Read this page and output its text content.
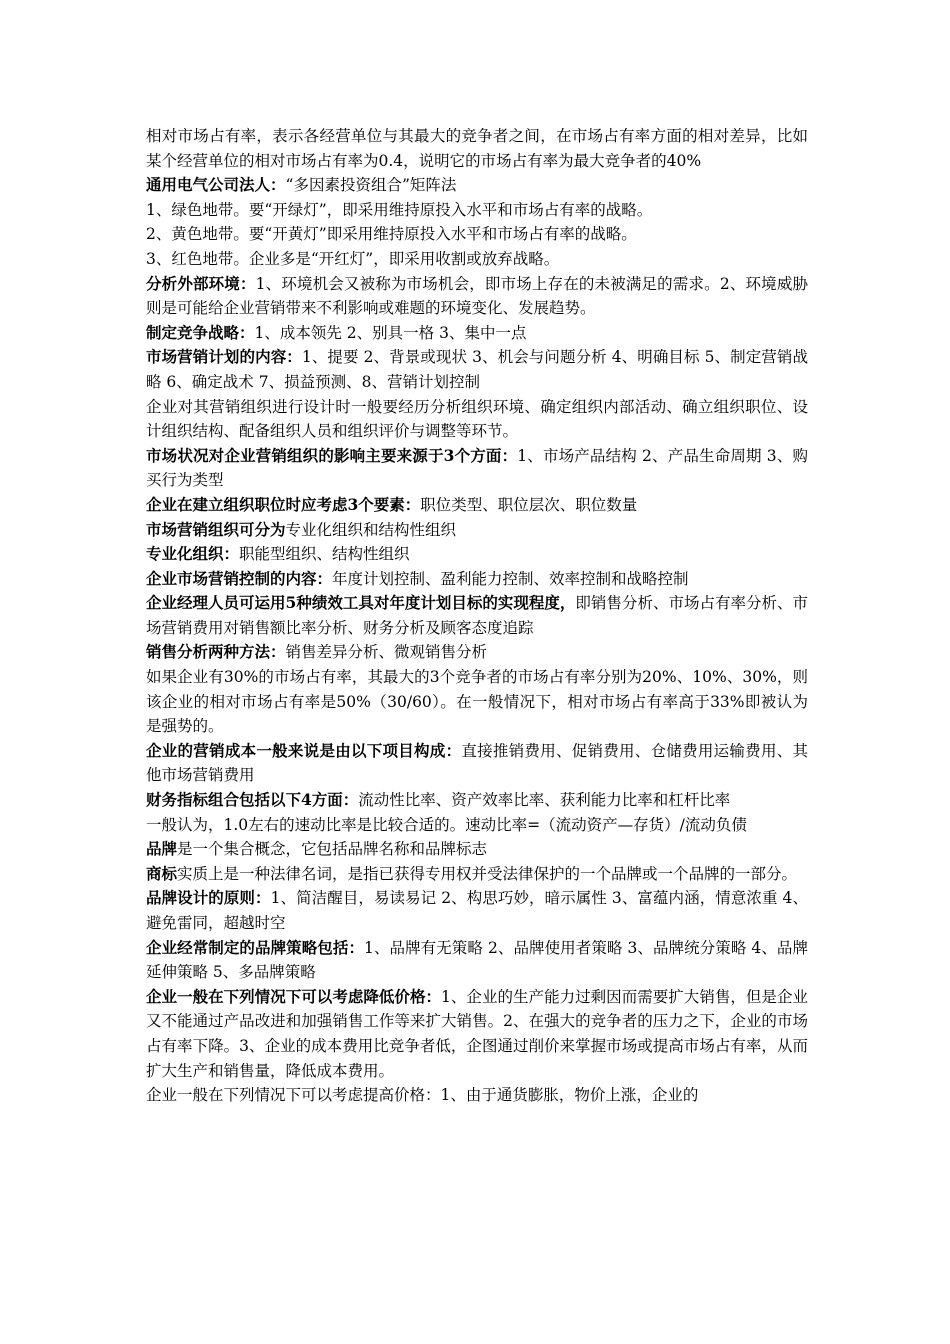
相对市场占有率，表示各经营单位与其最大的竞争者之间，在市场占有率方面的相对差异，比如某个经营单位的相对市场占有率为0.4，说明它的市场占有率为最大竞争者的40%

通用电气公司法人：“多因素投资组合”矩阵法

1、绿色地带。要“开绿灯”，即采用维持原投入水平和市场占有率的战略。

2、黄色地带。要“开黄灯”即采用维持原投入水平和市场占有率的战略。

3、红色地带。企业多是“开红灯”，即采用收割或放弃战略。

分析外部环境：1、环境机会又被称为市场机会，即市场上存在的未被满足的需求。2、环境威胁则是可能给企业营销带来不利影响或难题的环境变化、发展趋势。

制定竞争战略：1、成本领先 2、别具一格 3、集中一点

市场营销计划的内容：1、提要 2、背景或现状 3、机会与问题分析 4、明确目标 5、制定营销战略 6、确定战术 7、损益预测、8、营销计划控制

企业对其营销组织进行设计时一般要经历分析组织环境、确定组织内部活动、确立组织职位、设计组织结构、配备组织人员和组织评价与调整等环节。

市场状况对企业营销组织的影响主要来源于3个方面：1、市场产品结构 2、产品生命周期 3、购买行为类型

企业在建立组织职位时应考虑3个要素：职位类型、职位层次、职位数量

市场营销组织可分为专业化组织和结构性组织

专业化组织：职能型组织、结构性组织

企业市场营销控制的内容：年度计划控制、盈利能力控制、效率控制和战略控制

企业经理人员可运用5种绩效工具对年度计划目标的实现程度，即销售分析、市场占有率分析、市场营销费用对销售额比率分析、财务分析及顾客态度追踪

销售分析两种方法：销售差异分析、微观销售分析

如果企业有30%的市场占有率，其最大的3个竞争者的市场占有率分别为20%、10%、30%，则该企业的相对市场占有率是50%（30/60）。在一般情况下，相对市场占有率高于33%即被认为是强势的。

企业的营销成本一般来说是由以下项目构成：直接推销费用、促销费用、仓储费用运输费用、其他市场营销费用

财务指标组合包括以下4方面：流动性比率、资产效率比率、获利能力比率和杠杆比率

一般认为，1.0左右的速动比率是比较合适的。速动比率=（流动资产—存货）/流动负债

品牌是一个集合概念，它包括品牌名称和品牌标志

商标实质上是一种法律名词，是指已获得专用权并受法律保护的一个品牌或一个品牌的一部分。

品牌设计的原则：1、简洁醒目，易读易记 2、构思巧妙，暗示属性 3、富蕴内涵，情意浓重 4、避免雷同，超越时空

企业经常制定的品牌策略包括：1、品牌有无策略 2、品牌使用者策略 3、品牌统分策略 4、品牌延伸策略 5、多品牌策略

企业一般在下列情况下可以考虑降低价格：1、企业的生产能力过剩因而需要扩大销售，但是企业又不能通过产品改进和加强销售工作等来扩大销售。2、在强大的竞争者的压力之下，企业的市场占有率下降。3、企业的成本费用比竞争者低，企图通过削价来掌握市场或提高市场占有率，从而扩大生产和销售量，降低成本费用。

企业一般在下列情况下可以考虑提高价格：1、由于通货膨胀，物价上涨，企业的
